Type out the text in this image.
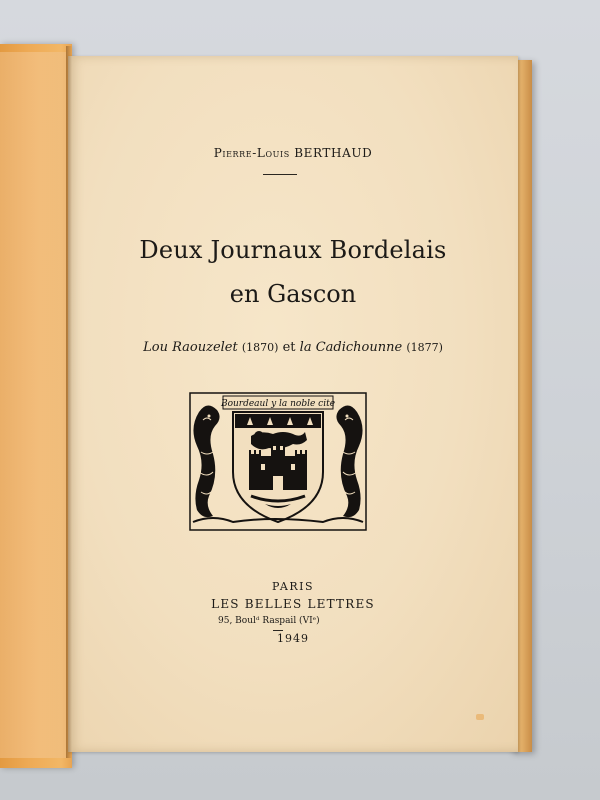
Pierre-Louis BERTHAUD
Deux Journaux Bordelais
en Gascon
Lou Raouzelet (1870) et la Cadichounne (1877)
Bourdeaul y la noble cite
PARIS
LES BELLES LETTRES
95, Boulᵈ Raspail (VIᵉ)
1949
